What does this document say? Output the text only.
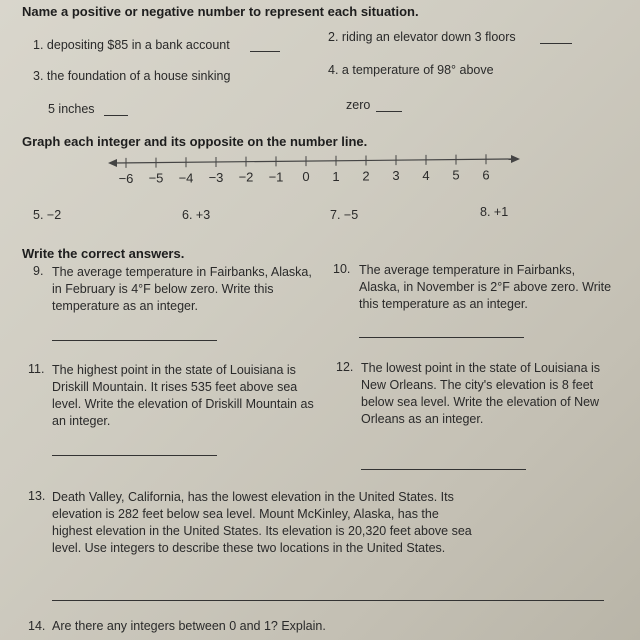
Name a positive or negative number to represent each situation.
1. depositing $85 in a bank account
2. riding an elevator down 3 floors
3. the foundation of a house sinking
5 inches
4. a temperature of 98° above
zero
Graph each integer and its opposite on the number line.
−6 −5 −4 −3 −2 −1 0 1 2 3 4 5 6
5. −2	6. +3	7. −5	8. +1
Write the correct answers.
9. The average temperature in Fairbanks, Alaska, in February is 4°F below zero. Write this temperature as an integer.
10. The average temperature in Fairbanks, Alaska, in November is 2°F above zero. Write this temperature as an integer.
11. The highest point in the state of Louisiana is Driskill Mountain. It rises 535 feet above sea level. Write the elevation of Driskill Mountain as an integer.
12. The lowest point in the state of Louisiana is New Orleans. The city's elevation is 8 feet below sea level. Write the elevation of New Orleans as an integer.
13. Death Valley, California, has the lowest elevation in the United States. Its elevation is 282 feet below sea level. Mount McKinley, Alaska, has the highest elevation in the United States. Its elevation is 20,320 feet above sea level. Use integers to describe these two locations in the United States.
14. Are there any integers between 0 and 1? Explain.
